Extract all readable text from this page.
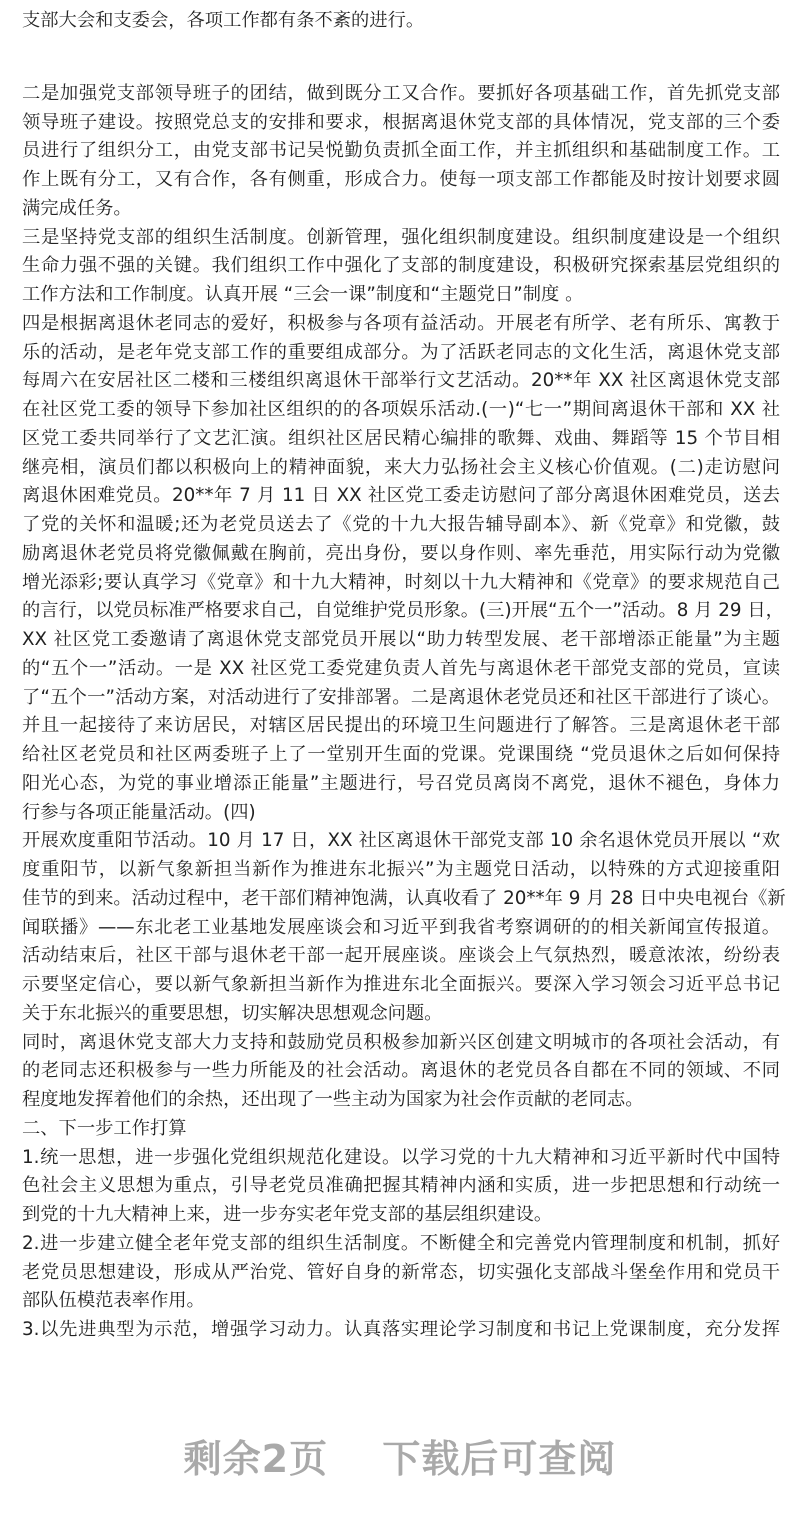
支部大会和支委会，各项工作都有条不紊的进行。
二是加强党支部领导班子的团结，做到既分工又合作。要抓好各项基础工作，首先抓党支部
领导班子建设。按照党总支的安排和要求，根据离退休党支部的具体情况，党支部的三个委
员进行了组织分工，由党支部书记吴悦勤负责抓全面工作，并主抓组织和基础制度工作。工
作上既有分工，又有合作，各有侧重，形成合力。使每一项支部工作都能及时按计划要求圆
满完成任务。
三是坚持党支部的组织生活制度。创新管理，强化组织制度建设。组织制度建设是一个组织
生命力强不强的关键。我们组织工作中强化了支部的制度建设，积极研究探索基层党组织的
工作方法和工作制度。认真开展 “三会一课”制度和“主题党日”制度 。
四是根据离退休老同志的爱好，积极参与各项有益活动。开展老有所学、老有所乐、寓教于
乐的活动，是老年党支部工作的重要组成部分。为了活跃老同志的文化生活，离退休党支部
每周六在安居社区二楼和三楼组织离退休干部举行文艺活动。20**年 XX 社区离退休党支部
在社区党工委的领导下参加社区组织的的各项娱乐活动.(一)“七一”期间离退休干部和 XX 社
区党工委共同举行了文艺汇演。组织社区居民精心编排的歌舞、戏曲、舞蹈等 15 个节目相
继亮相，演员们都以积极向上的精神面貌，来大力弘扬社会主义核心价值观。(二)走访慰问
离退休困难党员。20**年 7 月 11 日 XX 社区党工委走访慰问了部分离退休困难党员，送去
了党的关怀和温暖;还为老党员送去了《党的十九大报告辅导副本》、新《党章》和党徽，鼓
励离退休老党员将党徽佩戴在胸前，亮出身份，要以身作则、率先垂范，用实际行动为党徽
增光添彩;要认真学习《党章》和十九大精神，时刻以十九大精神和《党章》的要求规范自己
的言行，以党员标准严格要求自己，自觉维护党员形象。(三)开展“五个一”活动。8 月 29 日，
XX 社区党工委邀请了离退休党支部党员开展以“助力转型发展、老干部增添正能量”为主题
的“五个一”活动。一是 XX 社区党工委党建负责人首先与离退休老干部党支部的党员，宣读
了“五个一”活动方案，对活动进行了安排部署。二是离退休老党员还和社区干部进行了谈心。
并且一起接待了来访居民，对辖区居民提出的环境卫生问题进行了解答。三是离退休老干部
给社区老党员和社区两委班子上了一堂别开生面的党课。党课围绕 “党员退休之后如何保持
阳光心态，为党的事业增添正能量”主题进行，号召党员离岗不离党，退休不褪色，身体力
行参与各项正能量活动。(四)
开展欢度重阳节活动。10 月 17 日，XX 社区离退休干部党支部 10 余名退休党员开展以 “欢
度重阳节，以新气象新担当新作为推进东北振兴”为主题党日活动，以特殊的方式迎接重阳
佳节的到来。活动过程中，老干部们精神饱满，认真收看了 20**年 9 月 28 日中央电视台《新
闻联播》——东北老工业基地发展座谈会和习近平到我省考察调研的的相关新闻宣传报道。
活动结束后，社区干部与退休老干部一起开展座谈。座谈会上气氛热烈，暖意浓浓，纷纷表
示要坚定信心，要以新气象新担当新作为推进东北全面振兴。要深入学习领会习近平总书记
关于东北振兴的重要思想，切实解决思想观念问题。
同时，离退休党支部大力支持和鼓励党员积极参加新兴区创建文明城市的各项社会活动，有
的老同志还积极参与一些力所能及的社会活动。离退休的老党员各自都在不同的领域、不同
程度地发挥着他们的余热，还出现了一些主动为国家为社会作贡献的老同志。
二、下一步工作打算
1.统一思想，进一步强化党组织规范化建设。以学习党的十九大精神和习近平新时代中国特
色社会主义思想为重点，引导老党员准确把握其精神内涵和实质，进一步把思想和行动统一
到党的十九大精神上来，进一步夯实老年党支部的基层组织建设。
2.进一步建立健全老年党支部的组织生活制度。不断健全和完善党内管理制度和机制，抓好
老党员思想建设，形成从严治党、管好自身的新常态，切实强化支部战斗堡垒作用和党员干
部队伍模范表率作用。
3.以先进典型为示范，增强学习动力。认真落实理论学习制度和书记上党课制度，充分发挥
剩余2页 下载后可查阅
